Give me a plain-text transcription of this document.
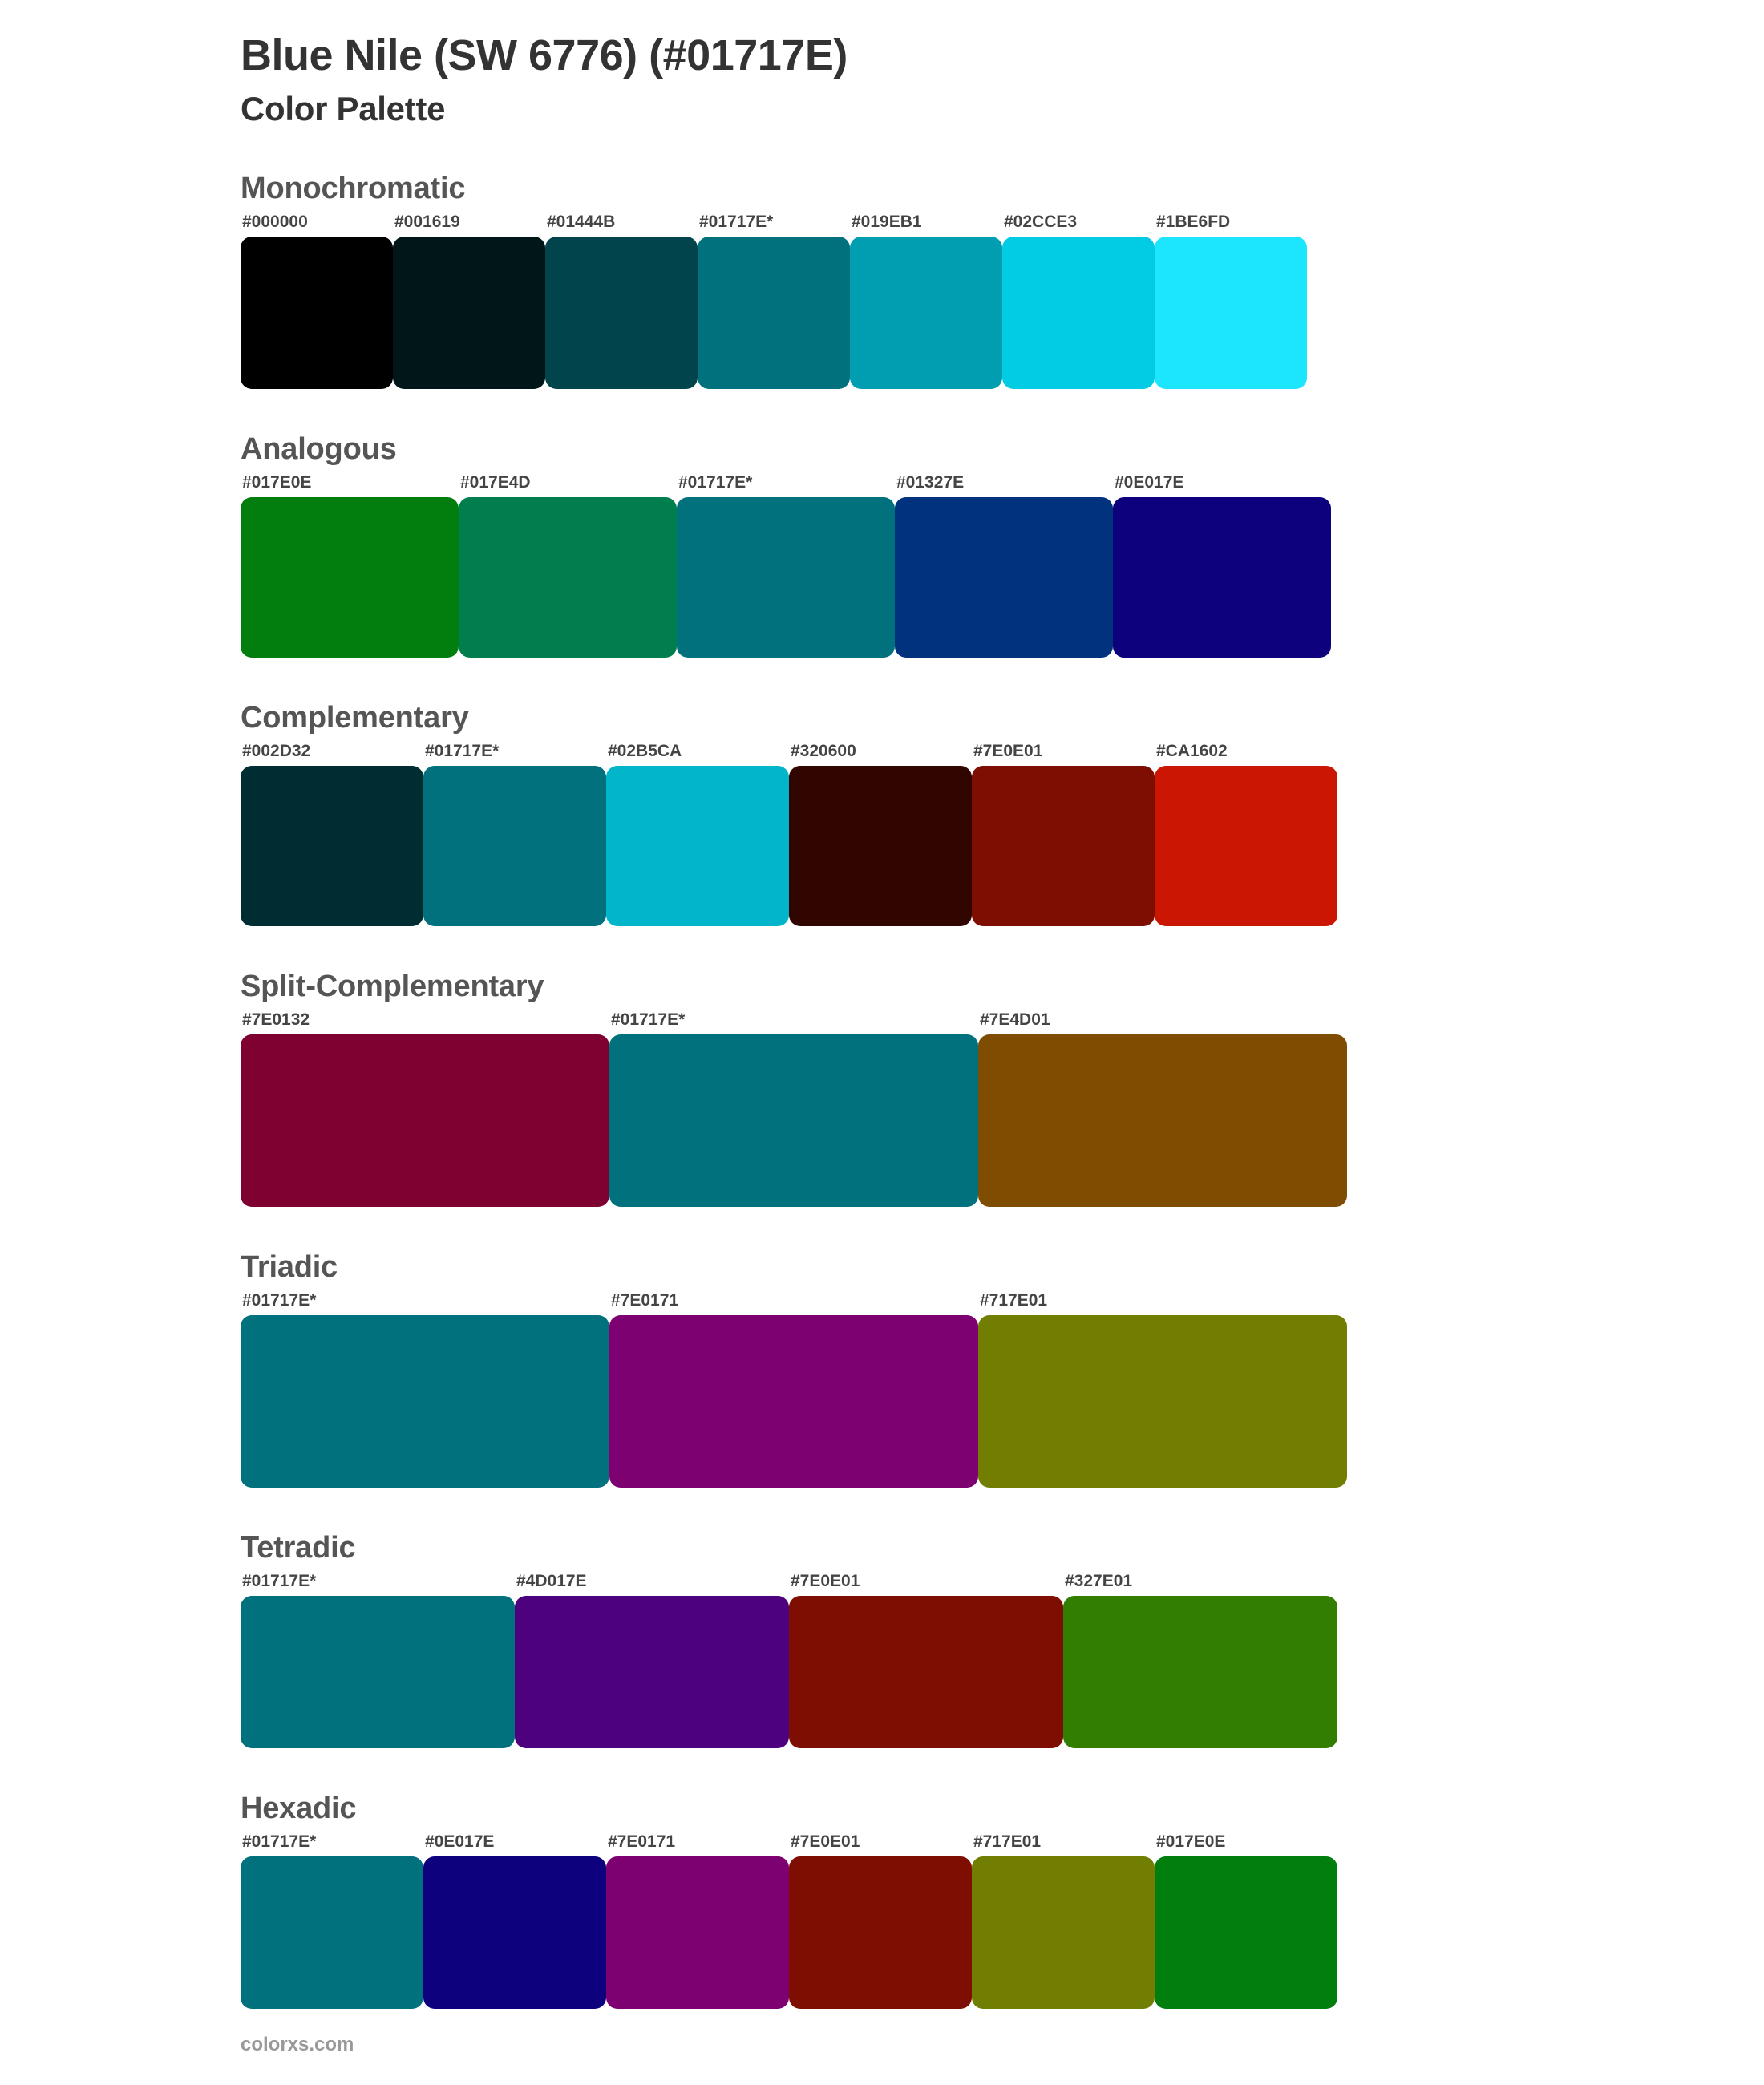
Blue Nile (SW 6776) (#01717E)
Color Palette
Monochromatic
#000000	#001619	#01444B	#01717E*	#019EB1	#02CCE3	#1BE6FD
Analogous
#017E0E	#017E4D	#01717E*	#01327E	#0E017E
Complementary
#002D32	#01717E*	#02B5CA	#320600	#7E0E01	#CA1602
Split-Complementary
#7E0132	#01717E*	#7E4D01
Triadic
#01717E*	#7E0171	#717E01
Tetradic
#01717E*	#4D017E	#7E0E01	#327E01
Hexadic
#01717E*	#0E017E	#7E0171	#7E0E01	#717E01	#017E0E
colorxs.com
